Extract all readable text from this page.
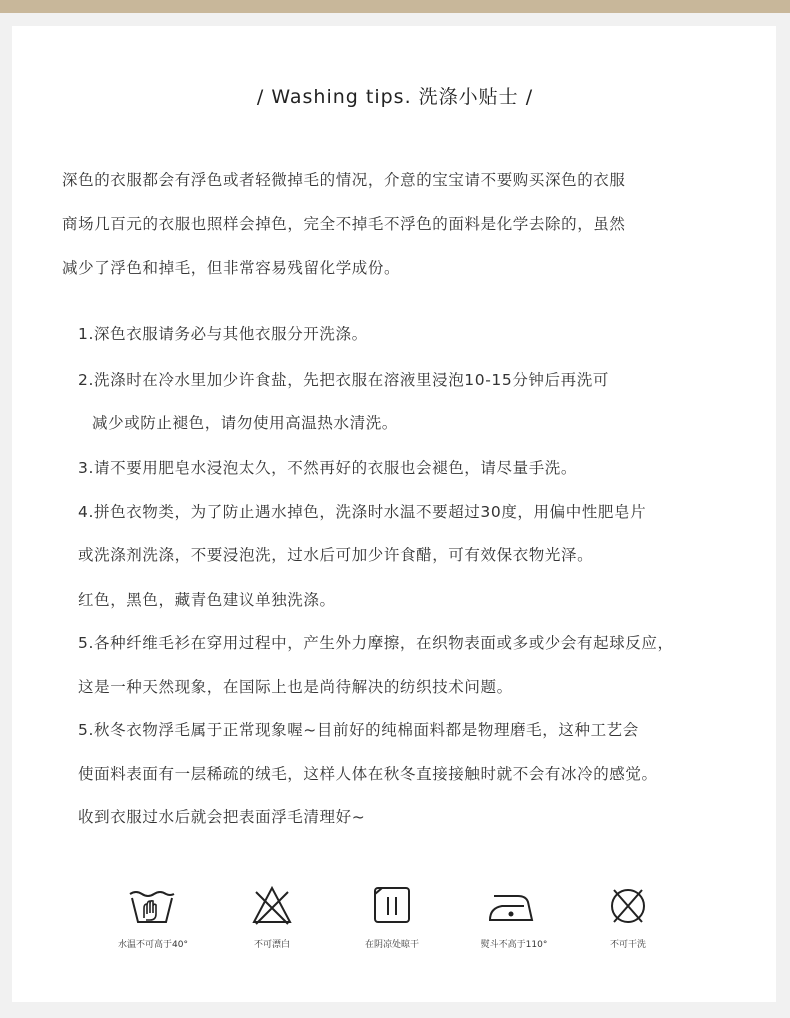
/ Washing tips. 洗涤小贴士 /
深色的衣服都会有浮色或者轻微掉毛的情况，介意的宝宝请不要购买深色的衣服
商场几百元的衣服也照样会掉色，完全不掉毛不浮色的面料是化学去除的，虽然
减少了浮色和掉毛，但非常容易残留化学成份。
1.深色衣服请务必与其他衣服分开洗涤。
2.洗涤时在冷水里加少许食盐，先把衣服在溶液里浸泡10-15分钟后再洗可
减少或防止褪色，请勿使用高温热水清洗。
3.请不要用肥皂水浸泡太久，不然再好的衣服也会褪色，请尽量手洗。
4.拼色衣物类，为了防止遇水掉色，洗涤时水温不要超过30度，用偏中性肥皂片
或洗涤剂洗涤，不要浸泡洗，过水后可加少许食醋，可有效保衣物光泽。
红色，黑色，藏青色建议单独洗涤。
5.各种纤维毛衫在穿用过程中，产生外力摩擦，在织物表面或多或少会有起球反应，
这是一种天然现象，在国际上也是尚待解决的纺织技术问题。
5.秋冬衣物浮毛属于正常现象喔~目前好的纯棉面料都是物理磨毛，这种工艺会
使面料表面有一层稀疏的绒毛，这样人体在秋冬直接接触时就不会有冰冷的感觉。
收到衣服过水后就会把表面浮毛清理好~
水温不可高于40°	不可漂白	在阴凉处晾干	熨斗不高于110°	不可干洗
